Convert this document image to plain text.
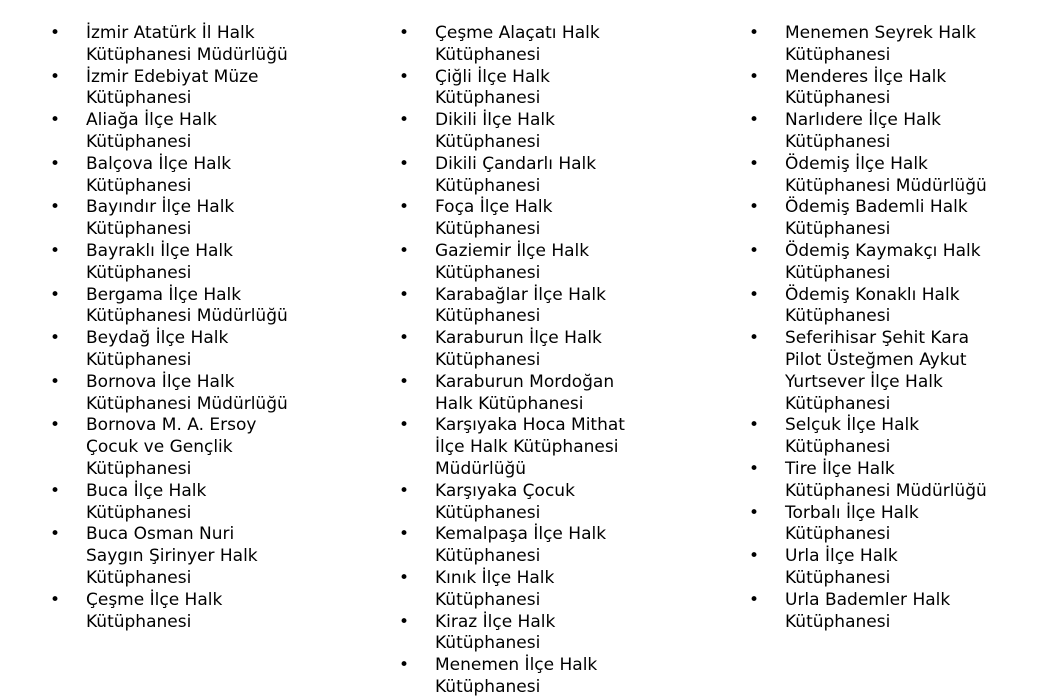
• İzmir Atatürk İl Halk Kütüphanesi Müdürlüğü
• İzmir Edebiyat Müze Kütüphanesi
• Aliağa İlçe Halk Kütüphanesi
• Balçova İlçe Halk Kütüphanesi
• Bayındır İlçe Halk Kütüphanesi
• Bayraklı İlçe Halk Kütüphanesi
• Bergama İlçe Halk Kütüphanesi Müdürlüğü
• Beydağ İlçe Halk Kütüphanesi
• Bornova İlçe Halk Kütüphanesi Müdürlüğü
• Bornova M. A. Ersoy Çocuk ve Gençlik Kütüphanesi
• Buca İlçe Halk Kütüphanesi
• Buca Osman Nuri Saygın Şirinyer Halk Kütüphanesi
• Çeşme İlçe Halk Kütüphanesi
• Çeşme Alaçatı Halk Kütüphanesi
• Çiğli İlçe Halk Kütüphanesi
• Dikili İlçe Halk Kütüphanesi
• Dikili Çandarlı Halk Kütüphanesi
• Foça İlçe Halk Kütüphanesi
• Gaziemir İlçe Halk Kütüphanesi
• Karabağlar İlçe Halk Kütüphanesi
• Karaburun İlçe Halk Kütüphanesi
• Karaburun Mordoğan Halk Kütüphanesi
• Karşıyaka Hoca Mithat İlçe Halk Kütüphanesi Müdürlüğü
• Karşıyaka Çocuk Kütüphanesi
• Kemalpaşa İlçe Halk Kütüphanesi
• Kınık İlçe Halk Kütüphanesi
• Kiraz İlçe Halk Kütüphanesi
• Menemen İlçe Halk Kütüphanesi
• Menemen Seyrek Halk Kütüphanesi
• Menderes İlçe Halk Kütüphanesi
• Narlıdere İlçe Halk Kütüphanesi
• Ödemiş İlçe Halk Kütüphanesi Müdürlüğü
• Ödemiş Bademli Halk Kütüphanesi
• Ödemiş Kaymakçı Halk Kütüphanesi
• Ödemiş Konaklı Halk Kütüphanesi
• Seferihisar Şehit Kara Pilot Üsteğmen Aykut Yurtsever İlçe Halk Kütüphanesi
• Selçuk İlçe Halk Kütüphanesi
• Tire İlçe Halk Kütüphanesi Müdürlüğü
• Torbalı İlçe Halk Kütüphanesi
• Urla İlçe Halk Kütüphanesi
• Urla Bademler Halk Kütüphanesi
